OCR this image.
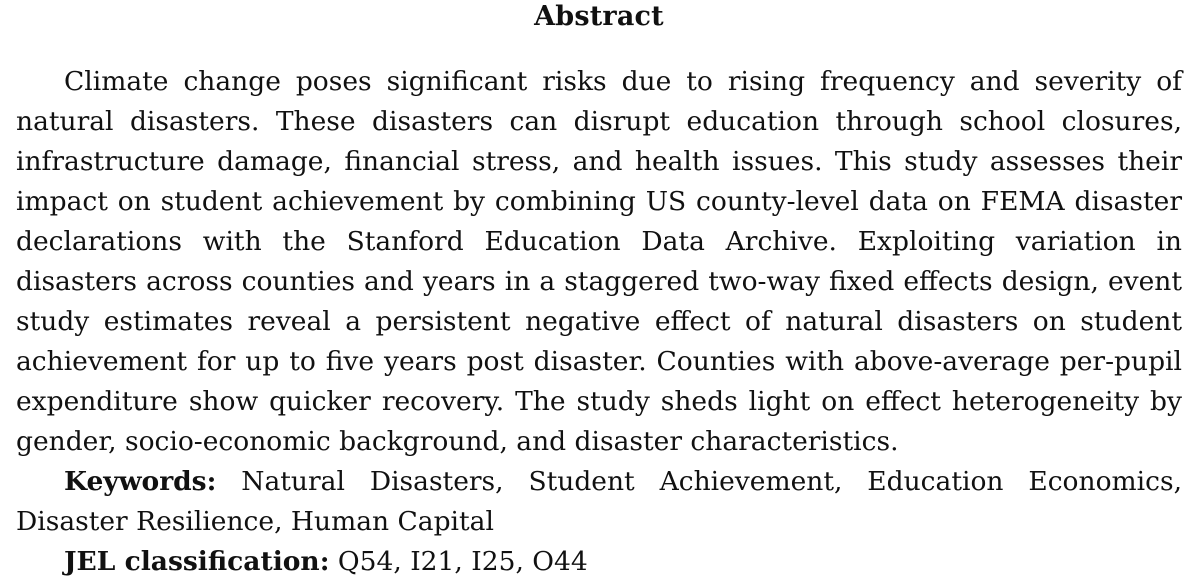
Abstract

Climate change poses significant risks due to rising frequency and severity of natural disasters. These disasters can disrupt education through school closures, infrastructure damage, financial stress, and health issues. This study assesses their impact on student achievement by combining US county-level data on FEMA disaster declarations with the Stanford Education Data Archive. Exploiting variation in disasters across counties and years in a staggered two-way fixed effects design, event study estimates reveal a persistent negative effect of natural disasters on student achievement for up to five years post disaster. Counties with above-average per-pupil expenditure show quicker recovery. The study sheds light on effect heterogeneity by gender, socio-economic background, and disaster characteristics.

Keywords: Natural Disasters, Student Achievement, Education Economics, Disaster Resilience, Human Capital

JEL classification: Q54, I21, I25, O44
